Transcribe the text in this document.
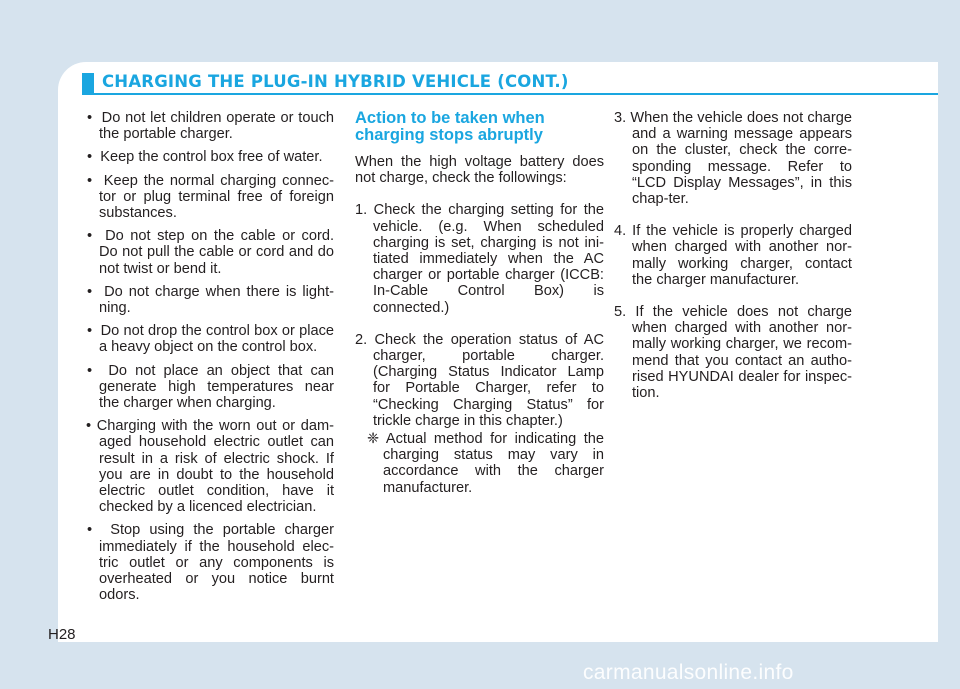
CHARGING THE PLUG-IN HYBRID VEHICLE (CONT.)

•  Do not let children operate or touch the portable charger.

•  Keep the control box free of water.

•  Keep the normal charging connec-tor or plug terminal free of foreign substances.

•  Do not step on the cable or cord. Do not pull the cable or cord and do not twist or bend it.

•  Do not charge when there is light-ning.

•  Do not drop the control box or place a heavy object on the control box.

•  Do not place an object that can generate high temperatures near the charger when charging.

• Charging with the worn out or dam-aged household electric outlet can result in a risk of electric shock. If you are in doubt to the household electric outlet condition, have it checked by a licenced electrician.

•  Stop using the portable charger immediately if the household elec-tric outlet or any components is overheated or you notice burnt odors.

Action to be taken when charging stops abruptly

When the high voltage battery does not charge, check the followings:

1. Check the charging setting for the vehicle. (e.g. When scheduled charging is set, charging is not ini-tiated immediately when the AC charger or portable charger (ICCB: In-Cable Control Box) is connected.)

2. Check the operation status of AC charger, portable charger. (Charging Status Indicator Lamp for Portable Charger, refer to “Checking Charging Status” for trickle charge in this chapter.)

❈ Actual method for indicating the charging status may vary in accordance with the charger manufacturer.

3. When the vehicle does not charge and a warning message appears on the cluster, check the corre-sponding message. Refer to “LCD Display Messages”, in this chap-ter.

4. If the vehicle is properly charged when charged with another nor-mally working charger, contact the charger manufacturer.

5. If the vehicle does not charge when charged with another nor-mally working charger, we recom-mend that you contact an autho-rised HYUNDAI dealer for inspec-tion.

H28
carmanualsonline.info
